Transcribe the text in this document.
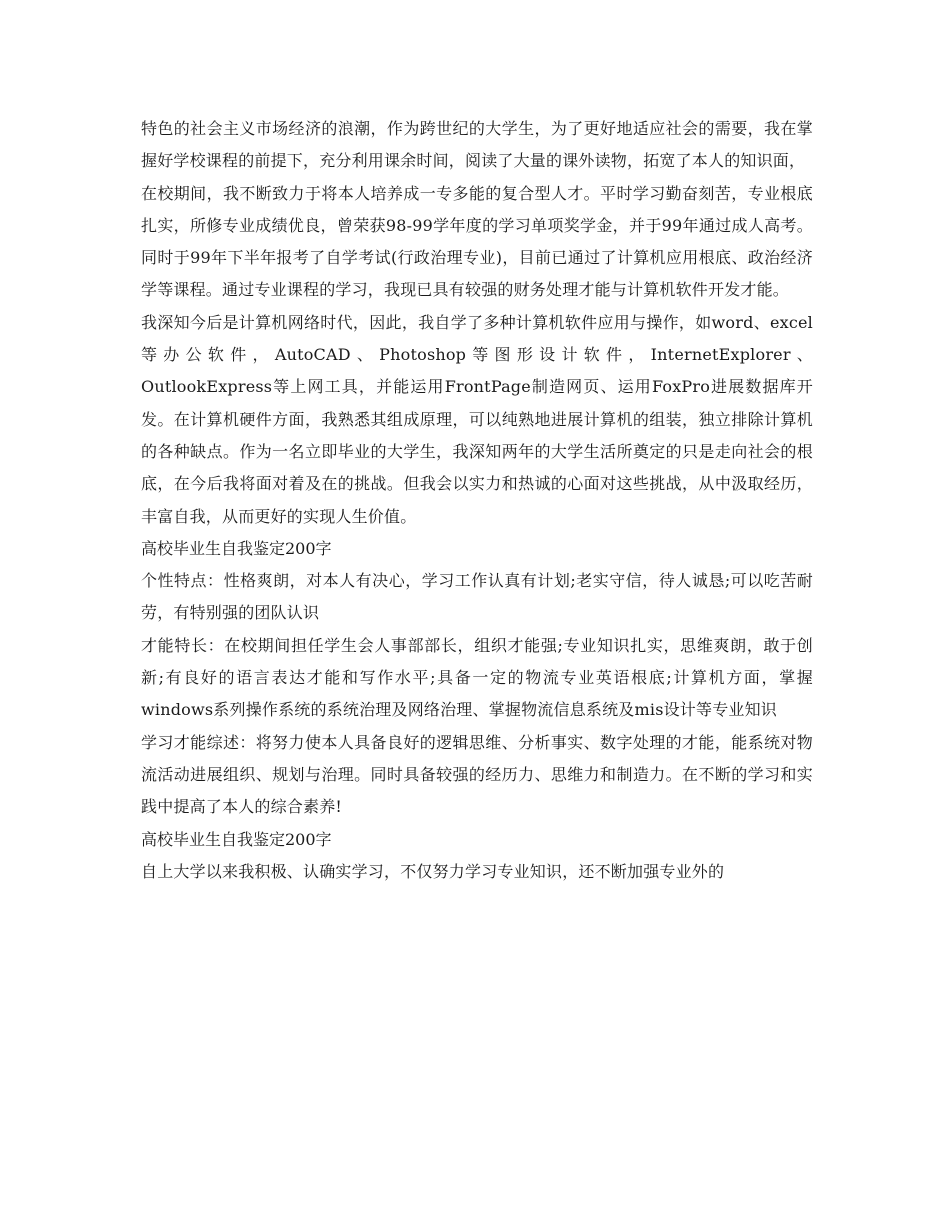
特色的社会主义市场经济的浪潮，作为跨世纪的大学生，为了更好地适应社会的需要，我在掌握好学校课程的前提下，充分利用课余时间，阅读了大量的课外读物，拓宽了本人的知识面，

在校期间，我不断致力于将本人培养成一专多能的复合型人才。平时学习勤奋刻苦，专业根底扎实，所修专业成绩优良，曾荣获98-99学年度的学习单项奖学金，并于99年通过成人高考。同时于99年下半年报考了自学考试(行政治理专业)，目前已通过了计算机应用根底、政治经济学等课程。通过专业课程的学习，我现已具有较强的财务处理才能与计算机软件开发才能。

我深知今后是计算机网络时代，因此，我自学了多种计算机软件应用与操作，如word、excel等办公软件，AutoCAD、Photoshop等图形设计软件，InternetExplorer、OutlookExpress等上网工具，并能运用FrontPage制造网页、运用FoxPro进展数据库开发。在计算机硬件方面，我熟悉其组成原理，可以纯熟地进展计算机的组装，独立排除计算机的各种缺点。作为一名立即毕业的大学生，我深知两年的大学生活所奠定的只是走向社会的根底，在今后我将面对着及在的挑战。但我会以实力和热诚的心面对这些挑战，从中汲取经历，丰富自我，从而更好的实现人生价值。

高校毕业生自我鉴定200字

个性特点：性格爽朗，对本人有决心，学习工作认真有计划;老实守信，待人诚恳;可以吃苦耐劳，有特别强的团队认识

才能特长：在校期间担任学生会人事部部长，组织才能强;专业知识扎实，思维爽朗，敢于创新;有良好的语言表达才能和写作水平;具备一定的物流专业英语根底;计算机方面，掌握windows系列操作系统的系统治理及网络治理、掌握物流信息系统及mis设计等专业知识

学习才能综述：将努力使本人具备良好的逻辑思维、分析事实、数字处理的才能，能系统对物流活动进展组织、规划与治理。同时具备较强的经历力、思维力和制造力。在不断的学习和实践中提高了本人的综合素养!

高校毕业生自我鉴定200字

自上大学以来我积极、认确实学习，不仅努力学习专业知识，还不断加强专业外的
